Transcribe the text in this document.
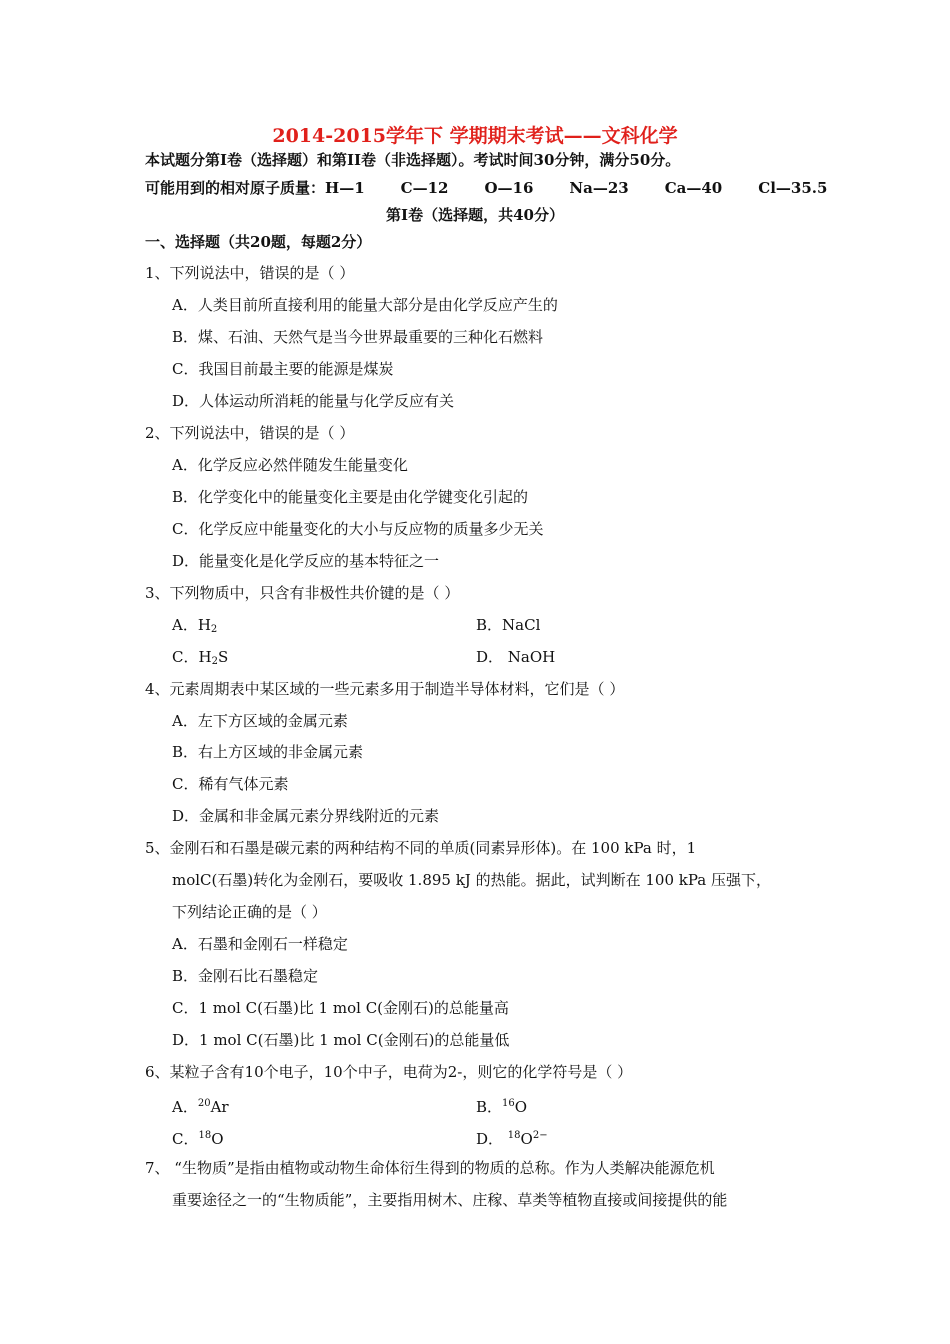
2014-2015学年下 学期期末考试——文科化学
本试题分第Ⅰ卷（选择题）和第II卷（非选择题）。考试时间30分钟，满分50分。
可能用到的相对原子质量：H—1 C—12 O—16 Na—23 Ca—40 Cl—35.5
第Ⅰ卷（选择题，共40分）
一、选择题（共20题，每题2分）
1、下列说法中，错误的是（ ）
A．人类目前所直接利用的能量大部分是由化学反应产生的
B．煤、石油、天然气是当今世界最重要的三种化石燃料
C．我国目前最主要的能源是煤炭
D．人体运动所消耗的能量与化学反应有关
2、下列说法中，错误的是（ ）
A．化学反应必然伴随发生能量变化
B．化学变化中的能量变化主要是由化学键变化引起的
C．化学反应中能量变化的大小与反应物的质量多少无关
D．能量变化是化学反应的基本特征之一
3、下列物质中，只含有非极性共价键的是（ ）
A．$H_2$	B．NaCl
C．$H_2S$	D． NaOH
4、元素周期表中某区域的一些元素多用于制造半导体材料，它们是（ ）
A．左下方区域的金属元素
B．右上方区域的非金属元素
C．稀有气体元素
D．金属和非金属元素分界线附近的元素
5、金刚石和石墨是碳元素的两种结构不同的单质(同素异形体)。在 100 kPa 时，1
molC(石墨)转化为金刚石，要吸收 1.895 kJ 的热能。据此，试判断在 100 kPa 压强下，
下列结论正确的是（ ）
A．石墨和金刚石一样稳定
B．金刚石比石墨稳定
C．1 mol C(石墨)比 1 mol C(金刚石)的总能量高
D．1 mol C(石墨)比 1 mol C(金刚石)的总能量低
6、某粒子含有10个电子，10个中子，电荷为2-，则它的化学符号是（ ）
A．$^{20}$Ar	B．$^{16}$O
C．$^{18}$O	D． $^{18}O^{2-}$
7、 “生物质”是指由植物或动物生命体衍生得到的物质的总称。作为人类解决能源危机
重要途径之一的“生物质能”，主要指用树木、庄稼、草类等植物直接或间接提供的能
